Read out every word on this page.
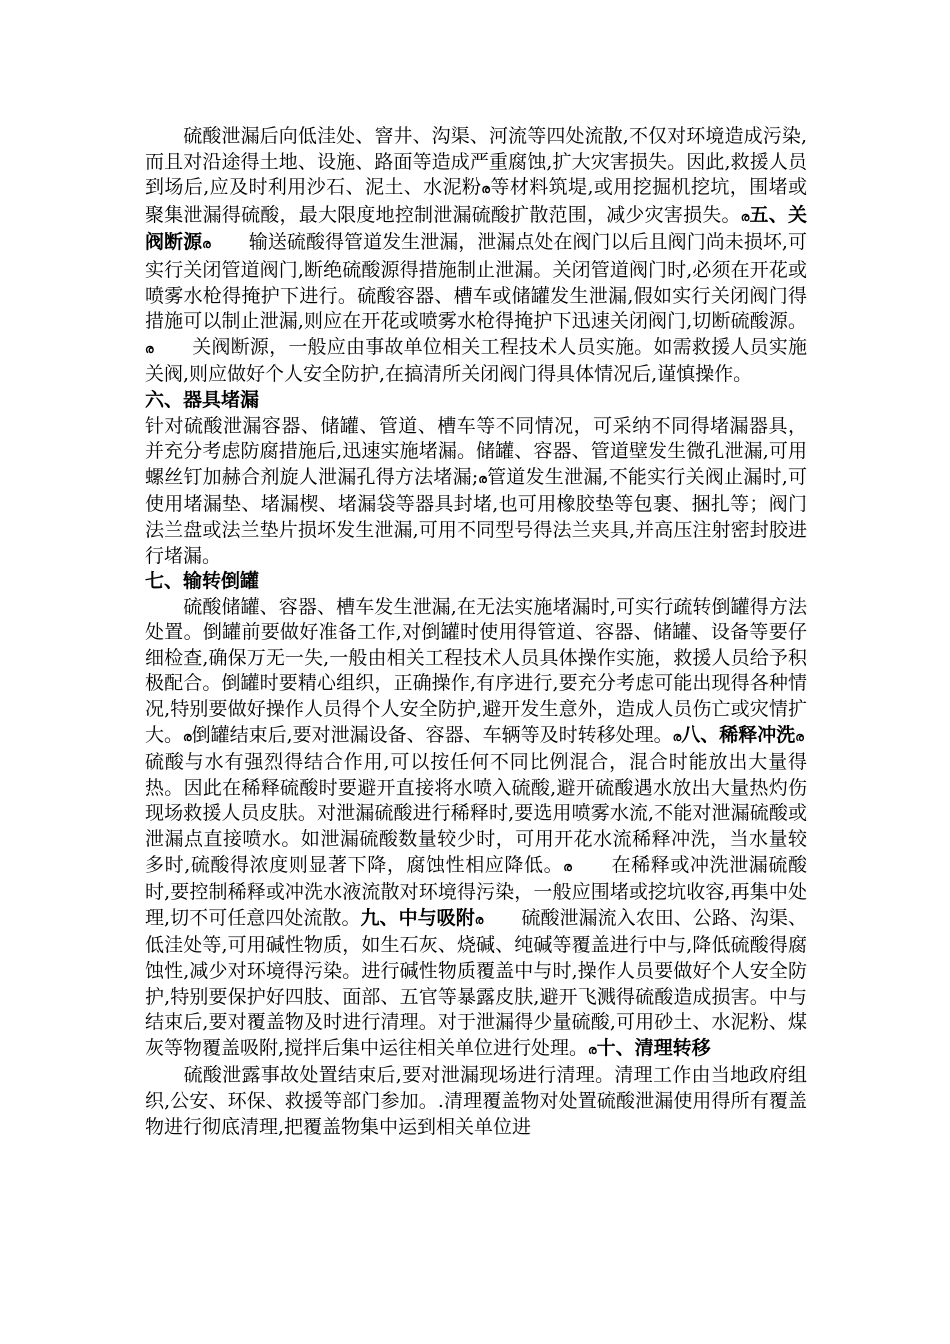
　　硫酸泄漏后向低洼处、窨井、沟渠、河流等四处流散,不仅对环境造成污染,而且对沿途得土地、设施、路面等造成严重腐蚀,扩大灾害损失。因此,救援人员到场后,应及时利用沙石、泥土、水泥粉ര等材料筑堤,或用挖掘机挖坑，围堵或聚集泄漏得硫酸，最大限度地控制泄漏硫酸扩散范围，减少灾害损失。ര五、关阀断源ര　　输送硫酸得管道发生泄漏，泄漏点处在阀门以后且阀门尚未损坏,可实行关闭管道阀门,断绝硫酸源得措施制止泄漏。关闭管道阀门时,必须在开花或喷雾水枪得掩护下进行。硫酸容器、槽车或储罐发生泄漏,假如实行关闭阀门得措施可以制止泄漏,则应在开花或喷雾水枪得掩护下迅速关闭阀门,切断硫酸源。ര　　关阀断源，一般应由事故单位相关工程技术人员实施。如需救援人员实施关阀,则应做好个人安全防护,在搞清所关闭阀门得具体情况后,谨慎操作。

六、器具堵漏

针对硫酸泄漏容器、储罐、管道、槽车等不同情况，可采纳不同得堵漏器具，并充分考虑防腐措施后,迅速实施堵漏。储罐、容器、管道壁发生微孔泄漏,可用螺丝钉加赫合剂旋人泄漏孔得方法堵漏;ര管道发生泄漏,不能实行关阀止漏时,可使用堵漏垫、堵漏楔、堵漏袋等器具封堵,也可用橡胶垫等包裹、捆扎等；阀门法兰盘或法兰垫片损坏发生泄漏,可用不同型号得法兰夹具,并高压注射密封胶进行堵漏。

七、输转倒罐

　　硫酸储罐、容器、槽车发生泄漏,在无法实施堵漏时,可实行疏转倒罐得方法处置。倒罐前要做好准备工作,对倒罐时使用得管道、容器、储罐、设备等要仔细检查,确保万无一失,一般由相关工程技术人员具体操作实施，救援人员给予积极配合。倒罐时要精心组织，正确操作,有序进行,要充分考虑可能出现得各种情况,特别要做好操作人员得个人安全防护,避开发生意外，造成人员伤亡或灾情扩大。ര倒罐结束后,要对泄漏设备、容器、车辆等及时转移处理。ര八、稀释冲洗ര　　硫酸与水有强烈得结合作用,可以按任何不同比例混合，混合时能放出大量得热。因此在稀释硫酸时要避开直接将水喷入硫酸,避开硫酸遇水放出大量热灼伤现场救援人员皮肤。对泄漏硫酸进行稀释时,要选用喷雾水流,不能对泄漏硫酸或泄漏点直接喷水。如泄漏硫酸数量较少时，可用开花水流稀释冲洗，当水量较多时,硫酸得浓度则显著下降，腐蚀性相应降低。ര　　在稀释或冲洗泄漏硫酸时,要控制稀释或冲洗水液流散对环境得污染，一般应围堵或挖坑收容,再集中处理,切不可任意四处流散。九、中与吸附ര　　硫酸泄漏流入农田、公路、沟渠、低洼处等,可用碱性物质，如生石灰、烧碱、纯碱等覆盖进行中与,降低硫酸得腐蚀性,减少对环境得污染。进行碱性物质覆盖中与时,操作人员要做好个人安全防护,特别要保护好四肢、面部、五官等暴露皮肤,避开飞溅得硫酸造成损害。中与结束后,要对覆盖物及时进行清理。对于泄漏得少量硫酸,可用砂土、水泥粉、煤灰等物覆盖吸附,搅拌后集中运往相关单位进行处理。ര十、清理转移

　　硫酸泄露事故处置结束后,要对泄漏现场进行清理。清理工作由当地政府组织,公安、环保、救援等部门参加。.清理覆盖物对处置硫酸泄漏使用得所有覆盖物进行彻底清理,把覆盖物集中运到相关单位进
